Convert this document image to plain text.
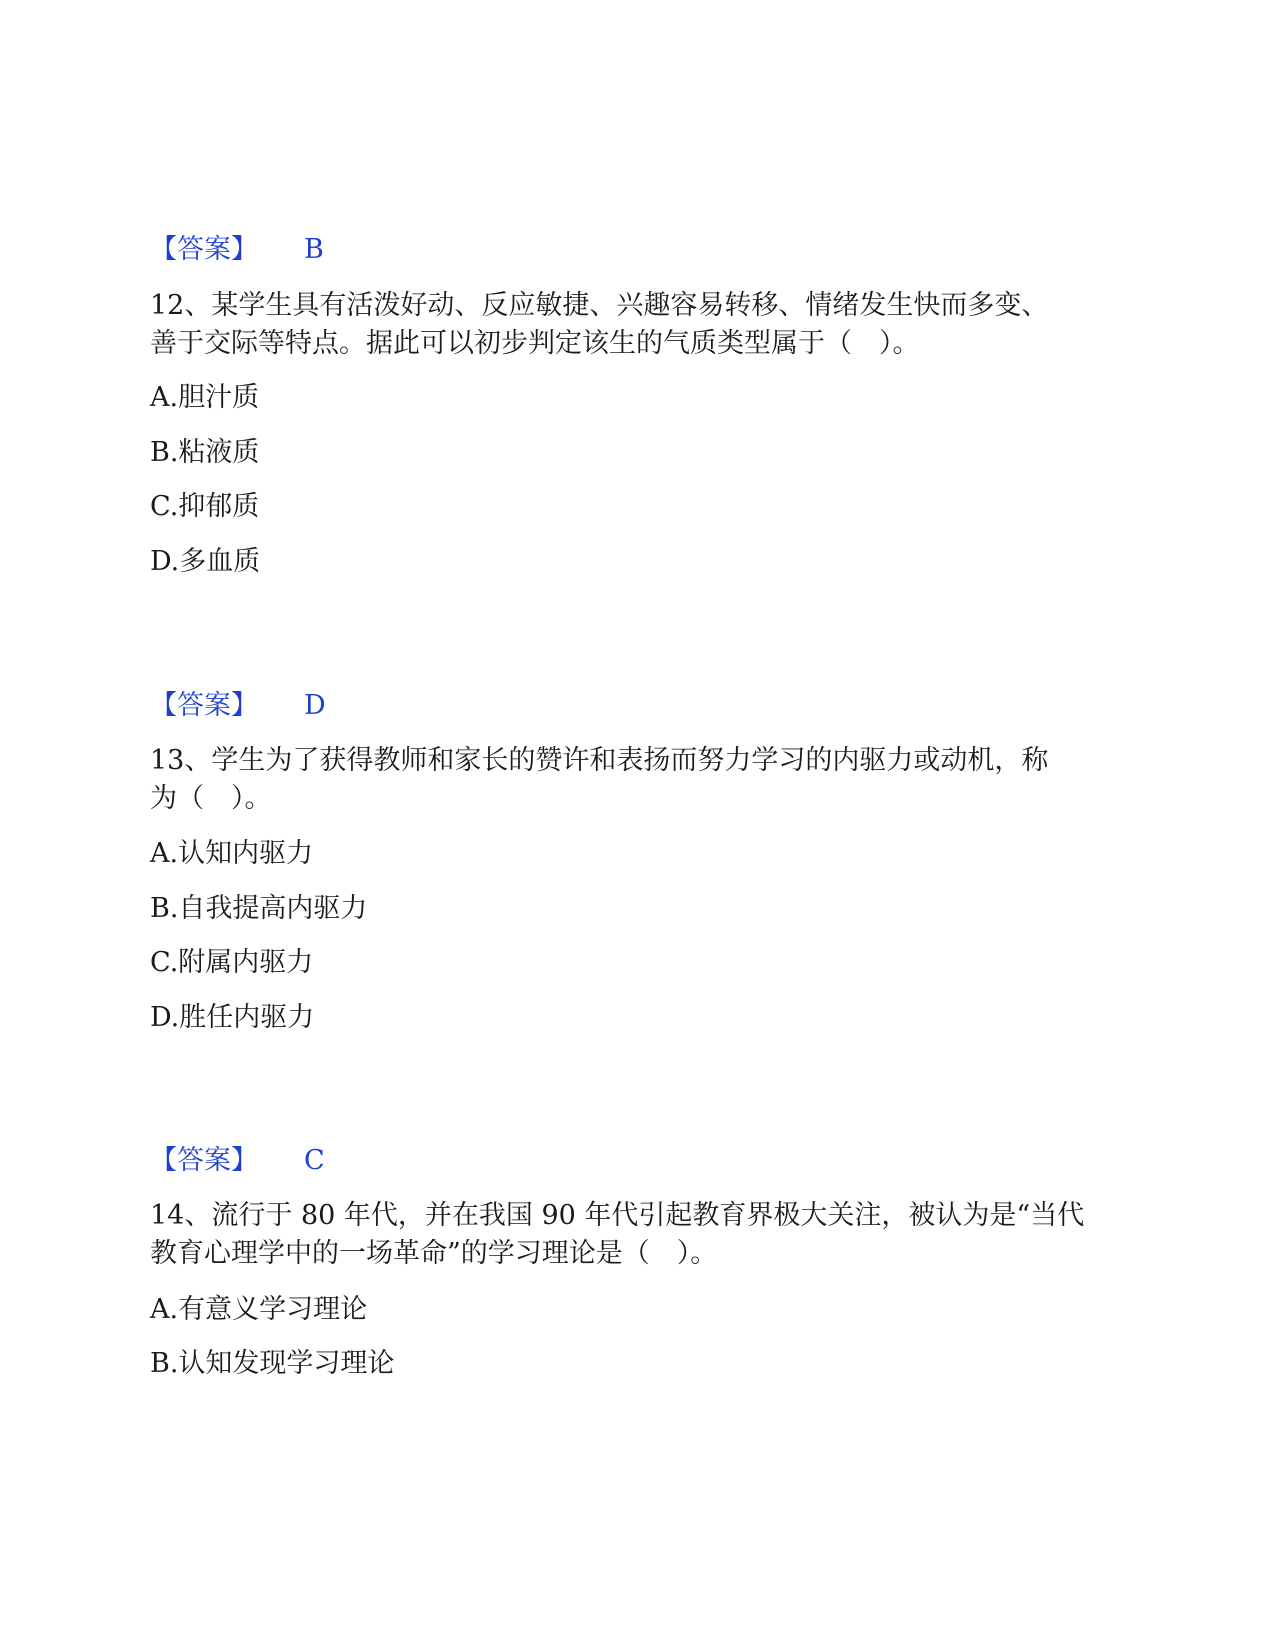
【答案】 B
12、某学生具有活泼好动、反应敏捷、兴趣容易转移、情绪发生快而多变、
善于交际等特点。据此可以初步判定该生的气质类型属于（　）。
A.胆汁质
B.粘液质
C.抑郁质
D.多血质
【答案】 D
13、学生为了获得教师和家长的赞许和表扬而努力学习的内驱力或动机，称
为（　）。
A.认知内驱力
B.自我提高内驱力
C.附属内驱力
D.胜任内驱力
【答案】 C
14、流行于 80 年代，并在我国 90 年代引起教育界极大关注，被认为是“当代
教育心理学中的一场革命”的学习理论是（　）。
A.有意义学习理论
B.认知发现学习理论
